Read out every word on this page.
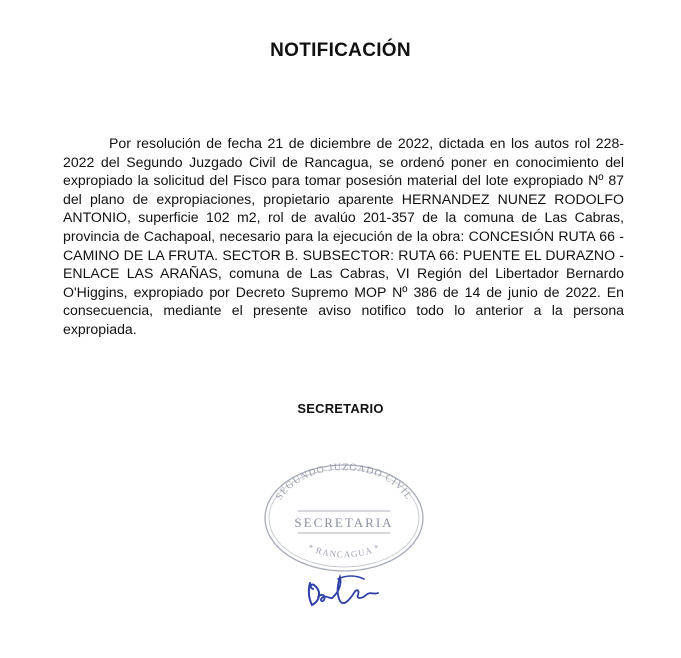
NOTIFICACIÓN

Por resolución de fecha 21 de diciembre de 2022, dictada en los autos rol 228-2022 del Segundo Juzgado Civil de Rancagua, se ordenó poner en conocimiento del expropiado la solicitud del Fisco para tomar posesión material del lote expropiado Nº 87 del plano de expropiaciones, propietario aparente HERNANDEZ NUNEZ RODOLFO ANTONIO, superficie 102 m2, rol de avalúo 201-357 de la comuna de Las Cabras, provincia de Cachapoal, necesario para la ejecución de la obra: CONCESIÓN RUTA 66 - CAMINO DE LA FRUTA. SECTOR B. SUBSECTOR: RUTA 66: PUENTE EL DURAZNO - ENLACE LAS ARAÑAS, comuna de Las Cabras, VI Región del Libertador Bernardo O'Higgins, expropiado por Decreto Supremo MOP Nº 386 de 14 de junio de 2022. En consecuencia, mediante el presente aviso notifico todo lo anterior a la persona expropiada.

SECRETARIO
SEGUNDO JUZGADO CIVIL
SECRETARIA
* RANCAGUA *
